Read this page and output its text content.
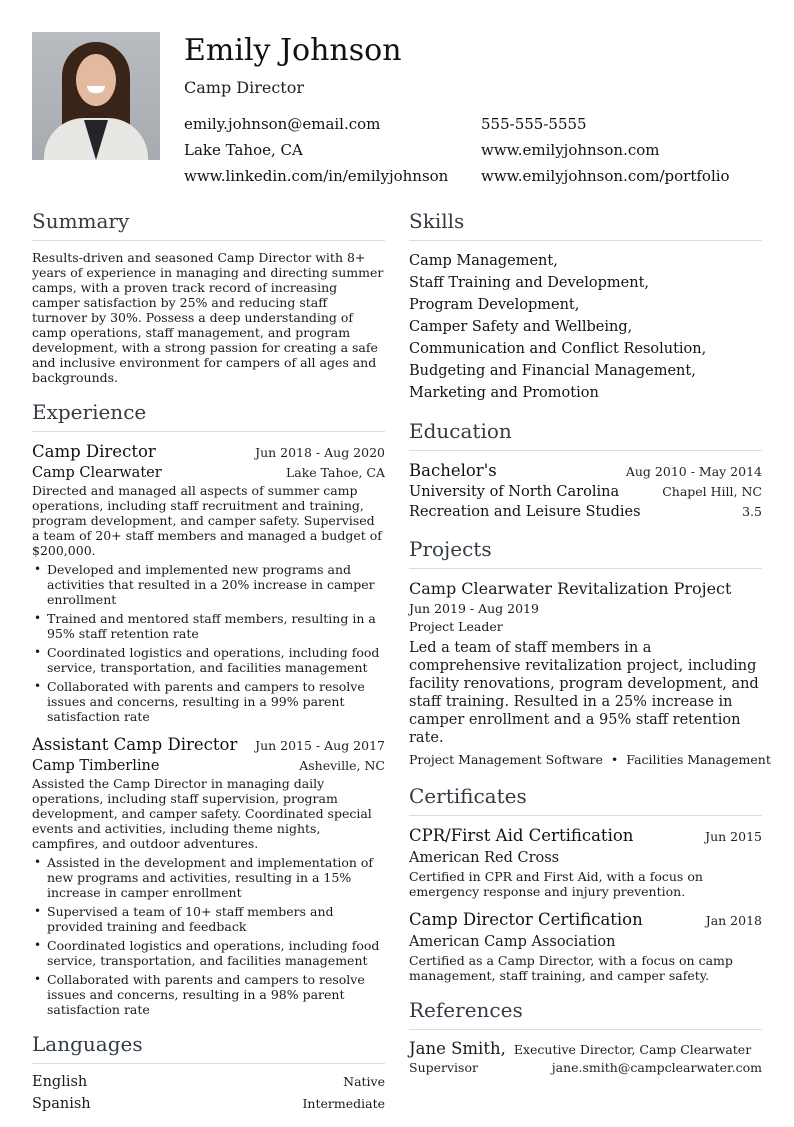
Emily Johnson
Camp Director
emily.johnson@email.com	555-555-5555
Lake Tahoe, CA	www.emilyjohnson.com
www.linkedin.com/in/emilyjohnson www.emilyjohnson.com/portfolio
Summary
Results-driven and seasoned Camp Director with 8+ years of experience in managing and directing summer camps, with a proven track record of increasing camper satisfaction by 25% and reducing staff turnover by 30%. Possess a deep understanding of camp operations, staff management, and program development, with a strong passion for creating a safe and inclusive environment for campers of all ages and backgrounds.
Experience
Camp Director	Jun 2018 - Aug 2020
Camp Clearwater	Lake Tahoe, CA
Directed and managed all aspects of summer camp operations, including staff recruitment and training, program development, and camper safety. Supervised a team of 20+ staff members and managed a budget of $200,000.
• Developed and implemented new programs and activities that resulted in a 20% increase in camper enrollment
• Trained and mentored staff members, resulting in a 95% staff retention rate
• Coordinated logistics and operations, including food service, transportation, and facilities management
• Collaborated with parents and campers to resolve issues and concerns, resulting in a 99% parent satisfaction rate
Assistant Camp Director Jun 2015 - Aug 2017
Camp Timberline	Asheville, NC
Assisted the Camp Director in managing daily operations, including staff supervision, program development, and camper safety. Coordinated special events and activities, including theme nights, campfires, and outdoor adventures.
• Assisted in the development and implementation of new programs and activities, resulting in a 15% increase in camper enrollment
• Supervised a team of 10+ staff members and provided training and feedback
• Coordinated logistics and operations, including food service, transportation, and facilities management
• Collaborated with parents and campers to resolve issues and concerns, resulting in a 98% parent satisfaction rate
Languages
English	Native
Spanish	Intermediate
Skills
Camp Management,
Staff Training and Development,
Program Development,
Camper Safety and Wellbeing,
Communication and Conflict Resolution,
Budgeting and Financial Management,
Marketing and Promotion
Education
Bachelor's	Aug 2010 - May 2014
University of North Carolina	Chapel Hill, NC
Recreation and Leisure Studies	3.5
Projects
Camp Clearwater Revitalization Project
Jun 2019 - Aug 2019
Project Leader
Led a team of staff members in a comprehensive revitalization project, including facility renovations, program development, and staff training. Resulted in a 25% increase in camper enrollment and a 95% staff retention rate.
Project Management Software • Facilities Management
Certificates
CPR/First Aid Certification	Jun 2015
American Red Cross
Certified in CPR and First Aid, with a focus on emergency response and injury prevention.
Camp Director Certification	Jan 2018
American Camp Association
Certified as a Camp Director, with a focus on camp management, staff training, and camper safety.
References
Jane Smith, Executive Director, Camp Clearwater
Supervisor	jane.smith@campclearwater.com
